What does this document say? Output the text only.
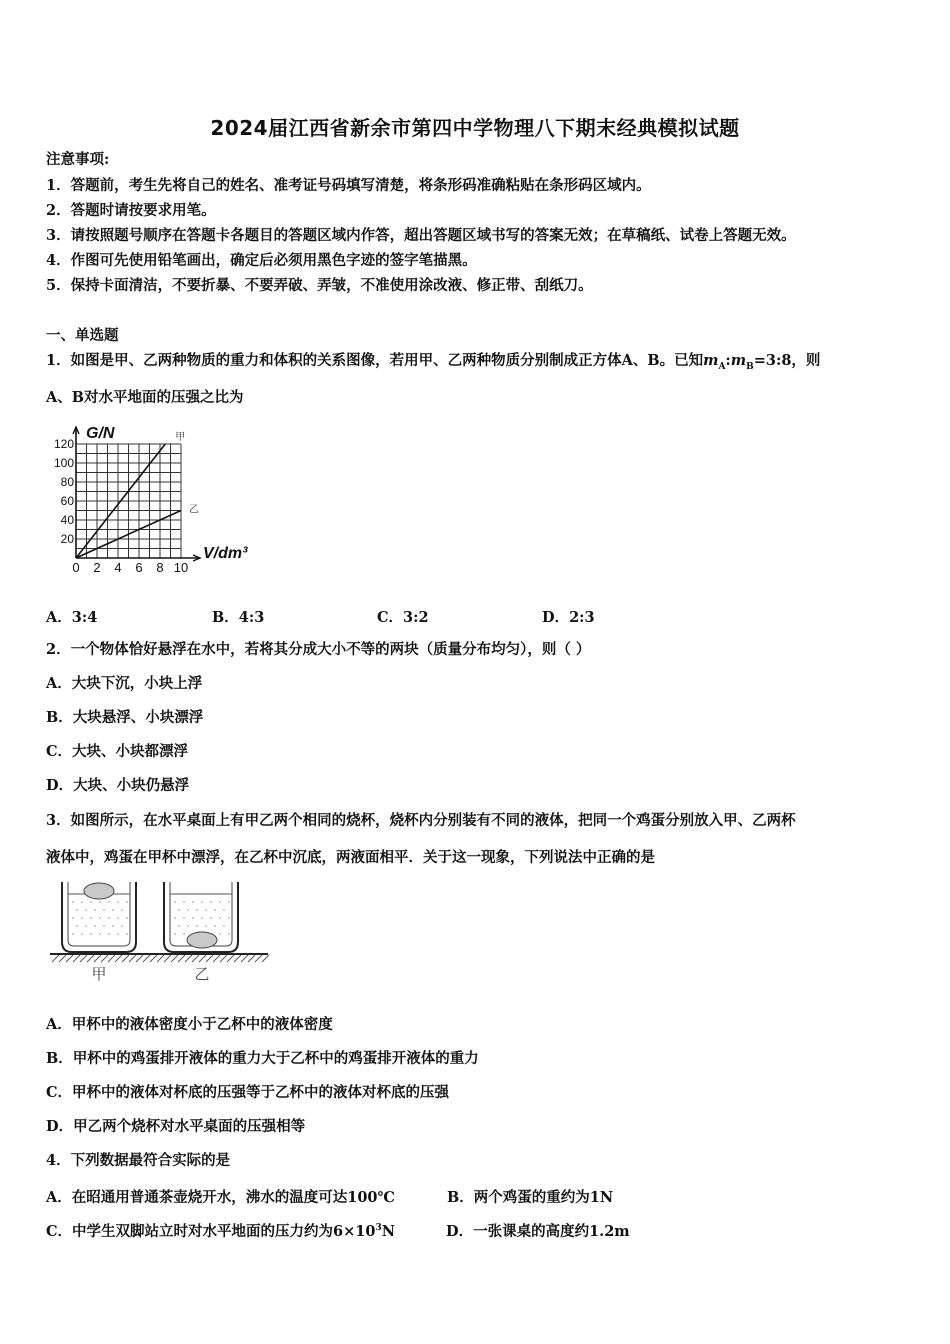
2024届江西省新余市第四中学物理八下期末经典模拟试题
注意事项:
1．答题前，考生先将自己的姓名、准考证号码填写清楚，将条形码准确粘贴在条形码区域内。
2．答题时请按要求用笔。
3．请按照题号顺序在答题卡各题目的答题区域内作答，超出答题区域书写的答案无效；在草稿纸、试卷上答题无效。
4．作图可先使用铅笔画出，确定后必须用黑色字迹的签字笔描黑。
5．保持卡面清洁，不要折暴、不要弄破、弄皱，不准使用涂改液、修正带、刮纸刀。
一、单选题
1．如图是甲、乙两种物质的重力和体积的关系图像，若用甲、乙两种物质分别制成正方体A、B。已知$m_A:m_B=3:8$，则
A、B对水平地面的压强之比为
0 2 4 6 8 10
20
40
60
80
100
120
G/N
V/dm³
甲
乙
A．3:4	B．4:3	C．3:2	D．2:3
2．一个物体恰好悬浮在水中，若将其分成大小不等的两块（质量分布均匀），则（ ）
A．大块下沉，小块上浮
B．大块悬浮、小块漂浮
C．大块、小块都漂浮
D．大块、小块仍悬浮
3．如图所示，在水平桌面上有甲乙两个相同的烧杯，烧杯内分别装有不同的液体，把同一个鸡蛋分别放入甲、乙两杯
液体中，鸡蛋在甲杯中漂浮，在乙杯中沉底，两液面相平．关于这一现象，下列说法中正确的是
甲	乙
A．甲杯中的液体密度小于乙杯中的液体密度
B．甲杯中的鸡蛋排开液体的重力大于乙杯中的鸡蛋排开液体的重力
C．甲杯中的液体对杯底的压强等于乙杯中的液体对杯底的压强
D．甲乙两个烧杯对水平桌面的压强相等
4．下列数据最符合实际的是
A．在昭通用普通茶壶烧开水，沸水的温度可达100℃	B．两个鸡蛋的重约为1N
C．中学生双脚站立时对水平地面的压力约为$6\times 10^3N$	D．一张课桌的高度约1.2m
